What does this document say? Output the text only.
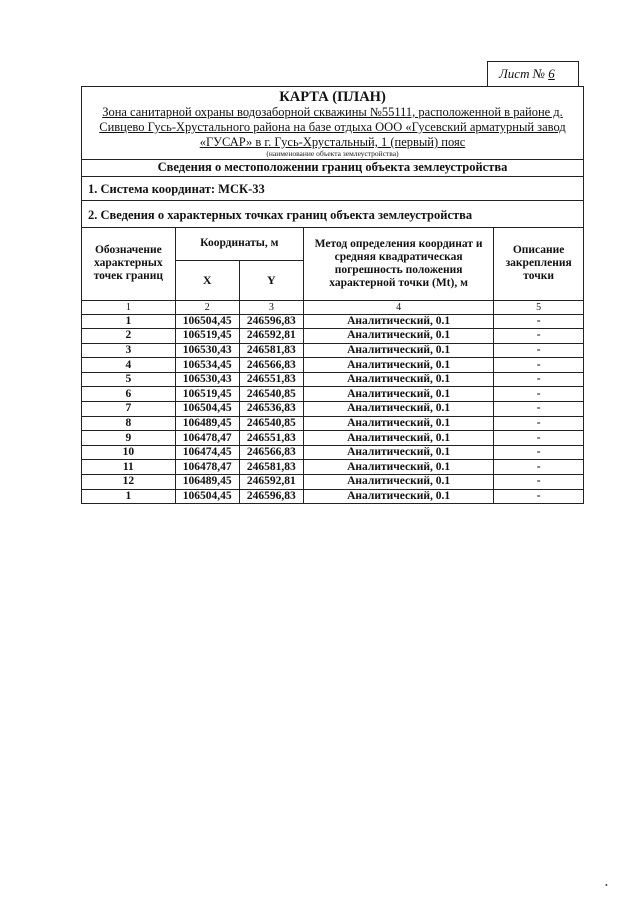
Лист № 6
КАРТА (ПЛАН)
Зона санитарной охраны водозаборной скважины №55111, расположенной в районе д.
Сивцево Гусь-Хрустального района на базе отдыха ООО «Гусевский арматурный завод
«ГУСАР» в г. Гусь-Хрустальный, 1 (первый) пояс
(наименование объекта землеустройства)
Сведения о местоположении границ объекта землеустройства
1. Система координат: МСК-33
2. Сведения о характерных точках границ объекта землеустройства
Обозначение характерных точек границ	Координаты, м		Метод определения координат и средняя квадратическая погрешность положения характерной точки (Mt), м	Описание закрепления точки
	X	Y		
1	2	3	4	5
1	106504,45	246596,83	Аналитический, 0.1	-
2	106519,45	246592,81	Аналитический, 0.1	-
3	106530,43	246581,83	Аналитический, 0.1	-
4	106534,45	246566,83	Аналитический, 0.1	-
5	106530,43	246551,83	Аналитический, 0.1	-
6	106519,45	246540,85	Аналитический, 0.1	-
7	106504,45	246536,83	Аналитический, 0.1	-
8	106489,45	246540,85	Аналитический, 0.1	-
9	106478,47	246551,83	Аналитический, 0.1	-
10	106474,45	246566,83	Аналитический, 0.1	-
11	106478,47	246581,83	Аналитический, 0.1	-
12	106489,45	246592,81	Аналитический, 0.1	-
1	106504,45	246596,83	Аналитический, 0.1	-
•
